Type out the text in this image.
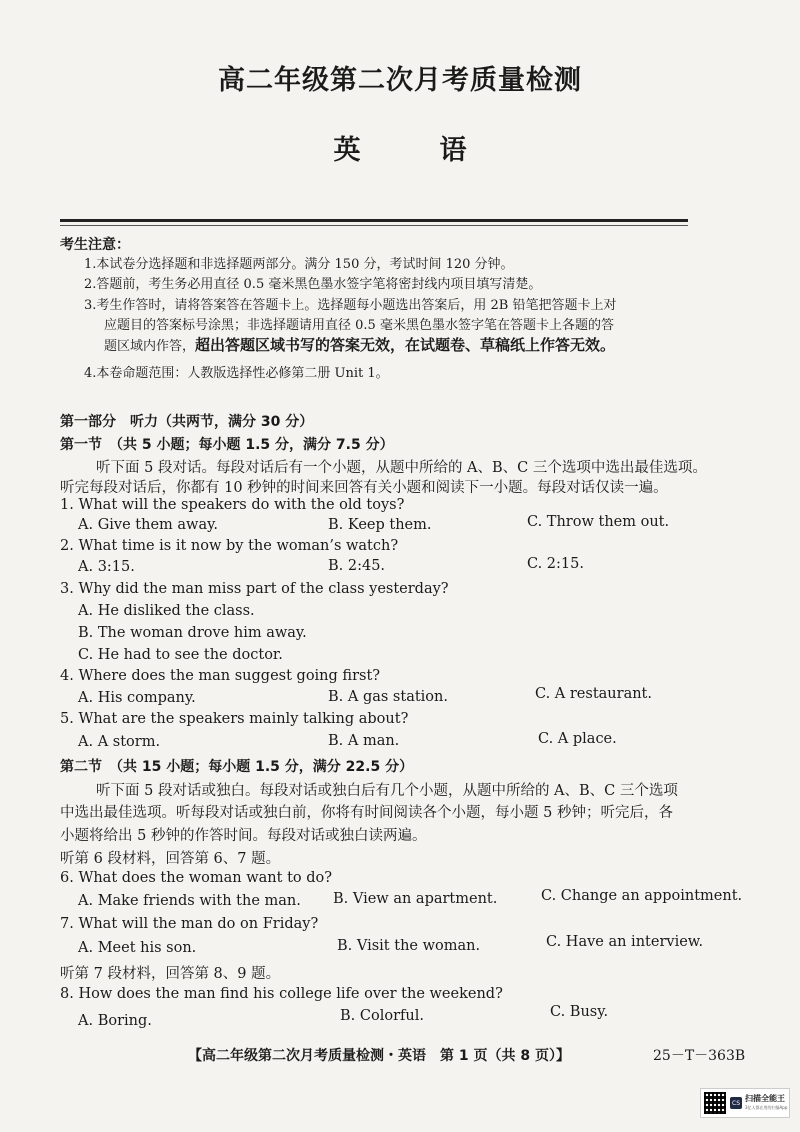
高二年级第二次月考质量检测
英　语
考生注意：
1.本试卷分选择题和非选择题两部分。满分 150 分，考试时间 120 分钟。
2.答题前，考生务必用直径 0.5 毫米黑色墨水签字笔将密封线内项目填写清楚。
3.考生作答时，请将答案答在答题卡上。选择题每小题选出答案后，用 2B 铅笔把答题卡上对
应题目的答案标号涂黑；非选择题请用直径 0.5 毫米黑色墨水签字笔在答题卡上各题的答
题区域内作答，超出答题区域书写的答案无效，在试题卷、草稿纸上作答无效。
4.本卷命题范围：人教版选择性必修第二册 Unit 1。
第一部分　听力（共两节，满分 30 分）
第一节　（共 5 小题；每小题 1.5 分，满分 7.5 分）
听下面 5 段对话。每段对话后有一个小题，从题中所给的 A、B、C 三个选项中选出最佳选项。
听完每段对话后，你都有 10 秒钟的时间来回答有关小题和阅读下一小题。每段对话仅读一遍。
1. What will the speakers do with the old toys?
A. Give them away.	B. Keep them.	C. Throw them out.
2. What time is it now by the woman’s watch?
A. 3:15.	B. 2:45.	C. 2:15.
3. Why did the man miss part of the class yesterday?
A. He disliked the class.
B. The woman drove him away.
C. He had to see the doctor.
4. Where does the man suggest going first?
A. His company.	B. A gas station.	C. A restaurant.
5. What are the speakers mainly talking about?
A. A storm.	B. A man.	C. A place.
第二节　（共 15 小题；每小题 1.5 分，满分 22.5 分）
听下面 5 段对话或独白。每段对话或独白后有几个小题，从题中所给的 A、B、C 三个选项
中选出最佳选项。听每段对话或独白前，你将有时间阅读各个小题，每小题 5 秒钟；听完后，各
小题将给出 5 秒钟的作答时间。每段对话或独白读两遍。
听第 6 段材料，回答第 6、7 题。
6. What does the woman want to do?
A. Make friends with the man. B. View an apartment.	C. Change an appointment.
7. What will the man do on Friday?
A. Meet his son.	B. Visit the woman.	C. Have an interview.
听第 7 段材料，回答第 8、9 题。
8. How does the man find his college life over the weekend?
A. Boring.	B. Colorful.	C. Busy.
【高二年级第二次月考质量检测・英语　第 1 页（共 8 页）】	25－T－363B
CS 扫描全能王
3亿人都在用的扫描App
